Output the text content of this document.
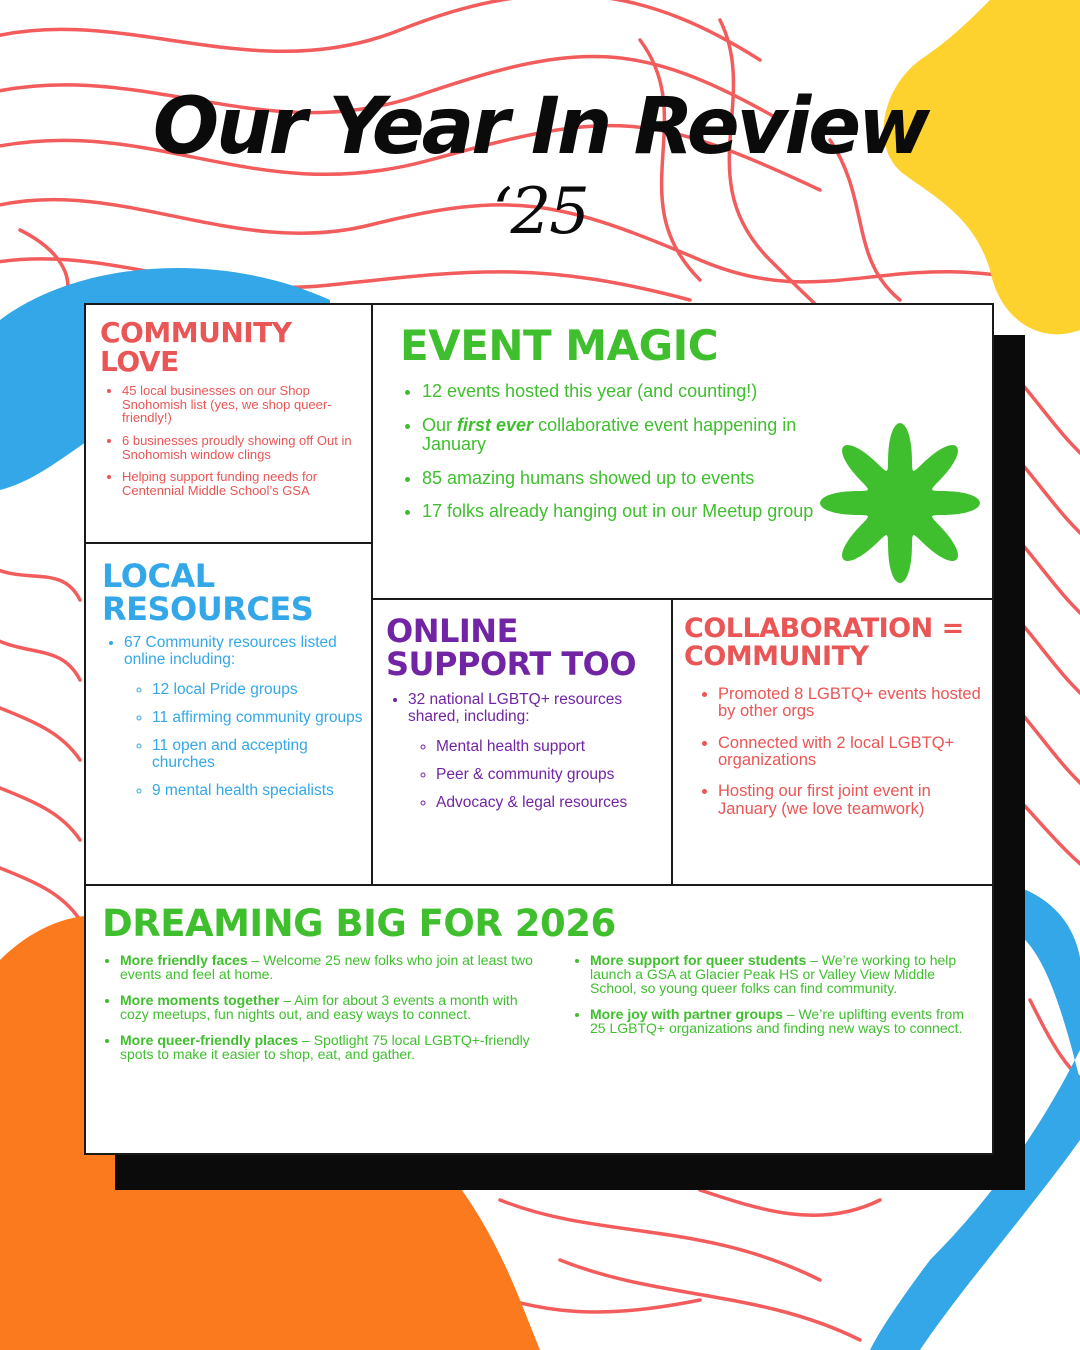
Our Year In Review
‘25
COMMUNITY LOVE
• 45 local businesses on our Shop Snohomish list (yes, we shop queer-friendly!)
• 6 businesses proudly showing off Out in Snohomish window clings
• Helping support funding needs for Centennial Middle School’s GSA
EVENT MAGIC
• 12 events hosted this year (and counting!)
• Our first ever collaborative event happening in January
• 85 amazing humans showed up to events
• 17 folks already hanging out in our Meetup group
LOCAL RESOURCES
• 67 Community resources listed online including:
◦ 12 local Pride groups
◦ 11 affirming community groups
◦ 11 open and accepting churches
◦ 9 mental health specialists
ONLINE SUPPORT TOO
• 32 national LGBTQ+ resources shared, including:
◦ Mental health support
◦ Peer & community groups
◦ Advocacy & legal resources
COLLABORATION = COMMUNITY
• Promoted 8 LGBTQ+ events hosted by other orgs
• Connected with 2 local LGBTQ+ organizations
• Hosting our first joint event in January (we love teamwork)
DREAMING BIG FOR 2026
• More friendly faces – Welcome 25 new folks who join at least two events and feel at home.
• More moments together – Aim for about 3 events a month with cozy meetups, fun nights out, and easy ways to connect.
• More queer-friendly places – Spotlight 75 local LGBTQ+-friendly spots to make it easier to shop, eat, and gather.
• More support for queer students – We’re working to help launch a GSA at Glacier Peak HS or Valley View Middle School, so young queer folks can find community.
• More joy with partner groups – We’re uplifting events from 25 LGBTQ+ organizations and finding new ways to connect.
